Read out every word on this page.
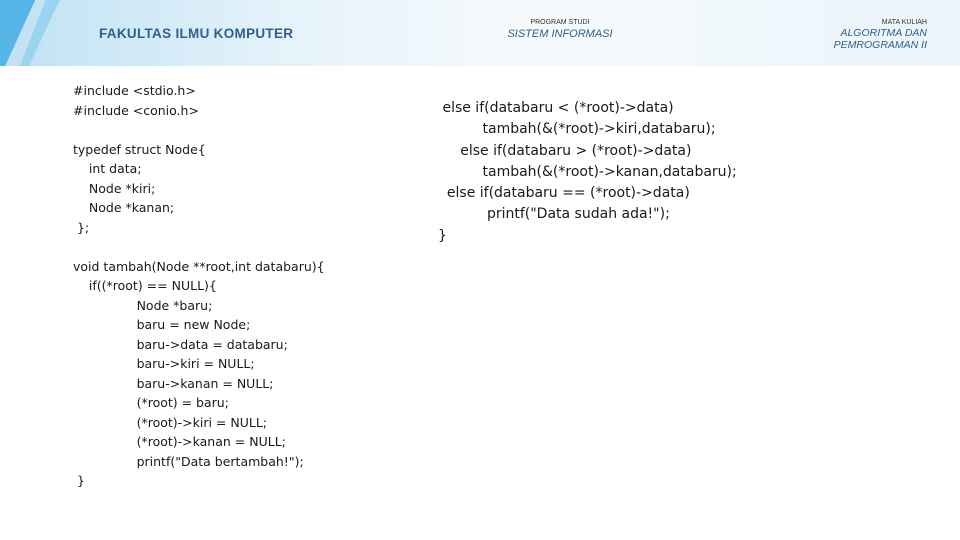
FAKULTAS ILMU KOMPUTER
PROGRAM STUDI
SISTEM INFORMASI
MATA KULIAH
ALGORITMA DAN PEMROGRAMAN II
#include <stdio.h>
#include <conio.h>

typedef struct Node{
int data;
Node *kiri;
Node *kanan;
};

void tambah(Node **root,int databaru){
if((*root) == NULL){
Node *baru;
baru = new Node;
baru->data = databaru;
baru->kiri = NULL;
baru->kanan = NULL;
(*root) = baru;
(*root)->kiri = NULL;
(*root)->kanan = NULL;
printf("Data bertambah!");
}
else if(databaru < (*root)->data)
tambah(&(*root)->kiri,databaru);
else if(databaru > (*root)->data)
tambah(&(*root)->kanan,databaru);
else if(databaru == (*root)->data)
printf("Data sudah ada!");
}
